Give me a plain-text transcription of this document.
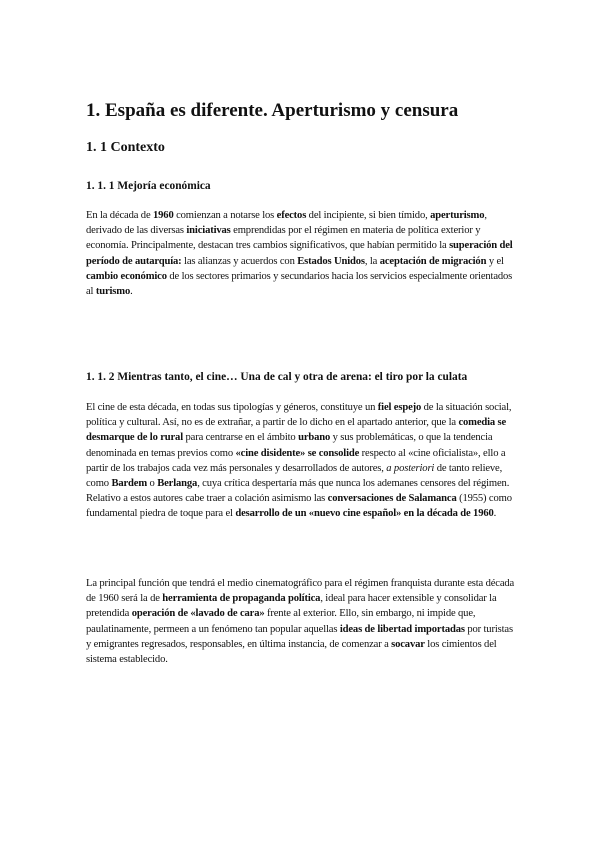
1. España es diferente. Aperturismo y censura
1. 1 Contexto
1. 1. 1 Mejoría económica

En la década de 1960 comienzan a notarse los efectos del incipiente, si bien tímido, aperturismo, derivado de las diversas iniciativas emprendidas por el régimen en materia de política exterior y economía. Principalmente, destacan tres cambios significativos, que habían permitido la superación del período de autarquía: las alianzas y acuerdos con Estados Unidos, la aceptación de migración y el cambio económico de los sectores primarios y secundarios hacia los servicios especialmente orientados al turismo.

1. 1. 2 Mientras tanto, el cine… Una de cal y otra de arena: el tiro por la culata

El cine de esta década, en todas sus tipologías y géneros, constituye un fiel espejo de la situación social, política y cultural. Así, no es de extrañar, a partir de lo dicho en el apartado anterior, que la comedia se desmarque de lo rural para centrarse en el ámbito urbano y sus problemáticas, o que la tendencia denominada en temas previos como «cine disidente» se consolide respecto al «cine oficialista», ello a partir de los trabajos cada vez más personales y desarrollados de autores, a posteriori de tanto relieve, como Bardem o Berlanga, cuya crítica despertaría más que nunca los ademanes censores del régimen. Relativo a estos autores cabe traer a colación asimismo las conversaciones de Salamanca (1955) como fundamental piedra de toque para el desarrollo de un «nuevo cine español» en la década de 1960.

La principal función que tendrá el medio cinematográfico para el régimen franquista durante esta década de 1960 será la de herramienta de propaganda política, ideal para hacer extensible y consolidar la pretendida operación de «lavado de cara» frente al exterior. Ello, sin embargo, ni impide que, paulatinamente, permeen a un fenómeno tan popular aquellas ideas de libertad importadas por turistas y emigrantes regresados, responsables, en última instancia, de comenzar a socavar los cimientos del sistema establecido.
